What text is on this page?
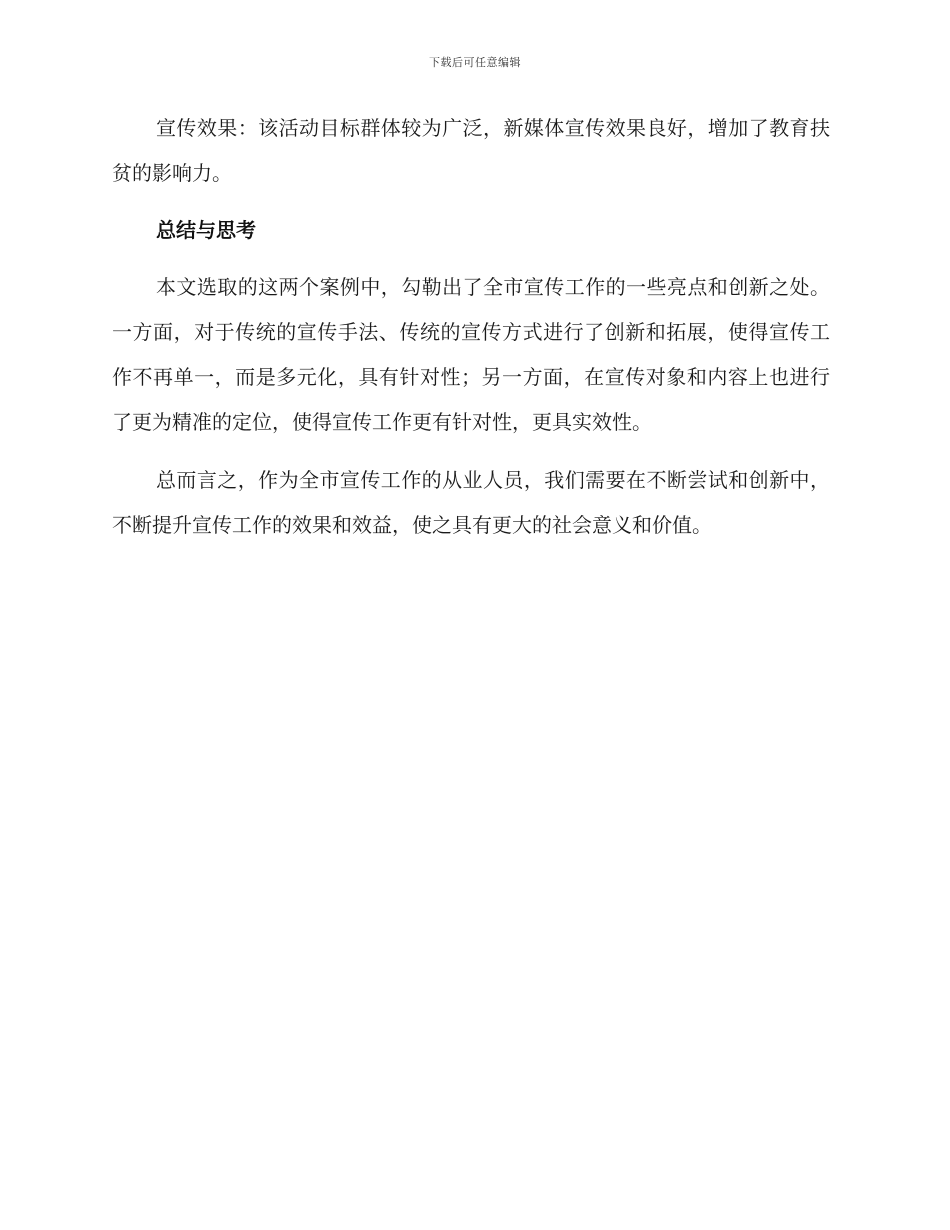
下载后可任意编辑

宣传效果：该活动目标群体较为广泛，新媒体宣传效果良好，增加了教育扶贫的影响力。

总结与思考

本文选取的这两个案例中，勾勒出了全市宣传工作的一些亮点和创新之处。一方面，对于传统的宣传手法、传统的宣传方式进行了创新和拓展，使得宣传工作不再单一，而是多元化，具有针对性；另一方面，在宣传对象和内容上也进行了更为精准的定位，使得宣传工作更有针对性，更具实效性。

总而言之，作为全市宣传工作的从业人员，我们需要在不断尝试和创新中，不断提升宣传工作的效果和效益，使之具有更大的社会意义和价值。
